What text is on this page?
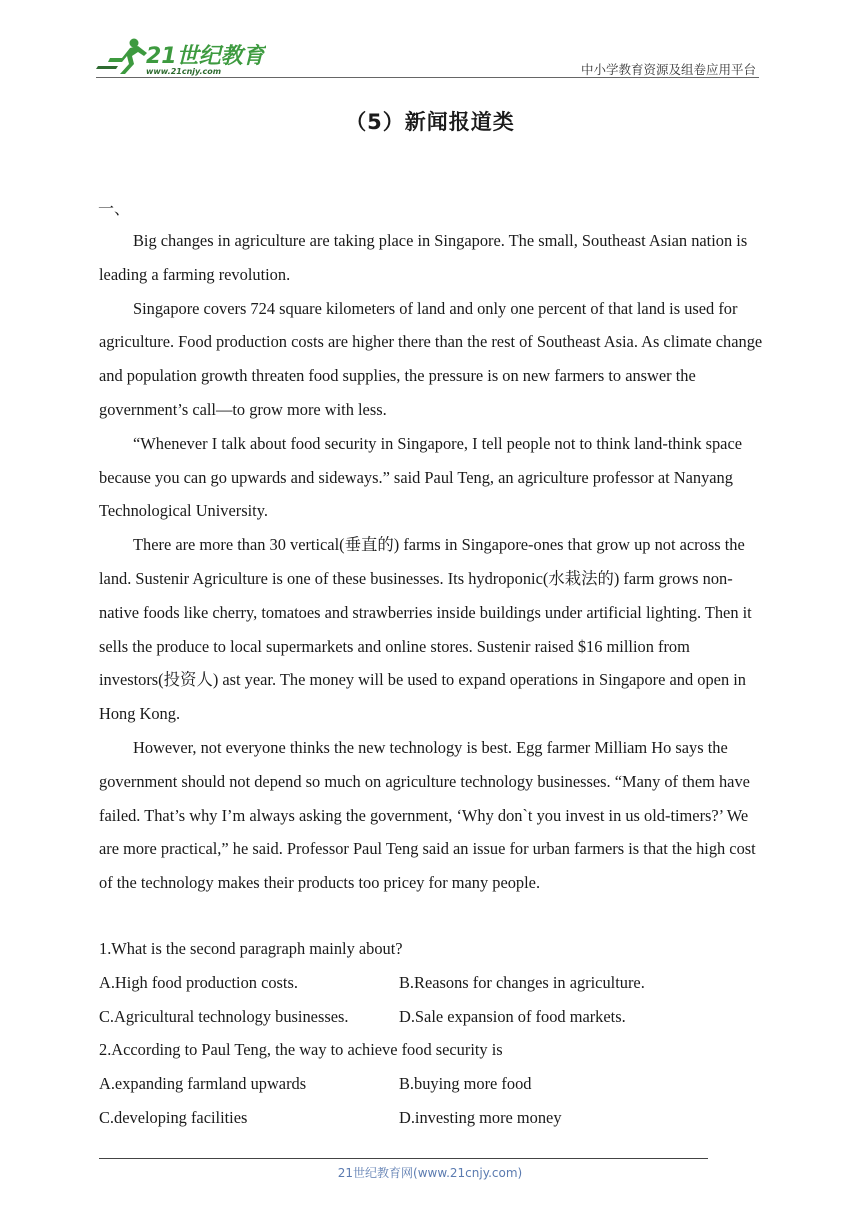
21世纪教育
www.21cnjy.com	中小学教育资源及组卷应用平台
（5）新闻报道类
一、

Big changes in agriculture are taking place in Singapore. The small, Southeast Asian nation is leading a farming revolution.

Singapore covers 724 square kilometers of land and only one percent of that land is used for agriculture. Food production costs are higher there than the rest of Southeast Asia. As climate change and population growth threaten food supplies, the pressure is on new farmers to answer the government’s call—to grow more with less.

“Whenever I talk about food security in Singapore, I tell people not to think land-think space because you can go upwards and sideways.” said Paul Teng, an agriculture professor at Nanyang Technological University.

There are more than 30 vertical(垂直的) farms in Singapore-ones that grow up not across the land. Sustenir Agriculture is one of these businesses. Its hydroponic(水栽法的) farm grows non-native foods like cherry, tomatoes and strawberries inside buildings under artificial lighting. Then it sells the produce to local supermarkets and online stores. Sustenir raised $16 million from investors(投资人) ast year. The money will be used to expand operations in Singapore and open in Hong Kong.

However, not everyone thinks the new technology is best. Egg farmer Milliam Ho says the government should not depend so much on agriculture technology businesses. “Many of them have failed. That’s why I’m always asking the government, ‘Why don`t you invest in us old-timers?’ We are more practical,” he said. Professor Paul Teng said an issue for urban farmers is that the high cost of the technology makes their products too pricey for many people.

1.What is the second paragraph mainly about?
A.High food production costs.	B.Reasons for changes in agriculture.
C.Agricultural technology businesses.	D.Sale expansion of food markets.
2.According to Paul Teng, the way to achieve food security is
A.expanding farmland upwards	B.buying more food
C.developing facilities	D.investing more money
21世纪教育网(www.21cnjy.com)
